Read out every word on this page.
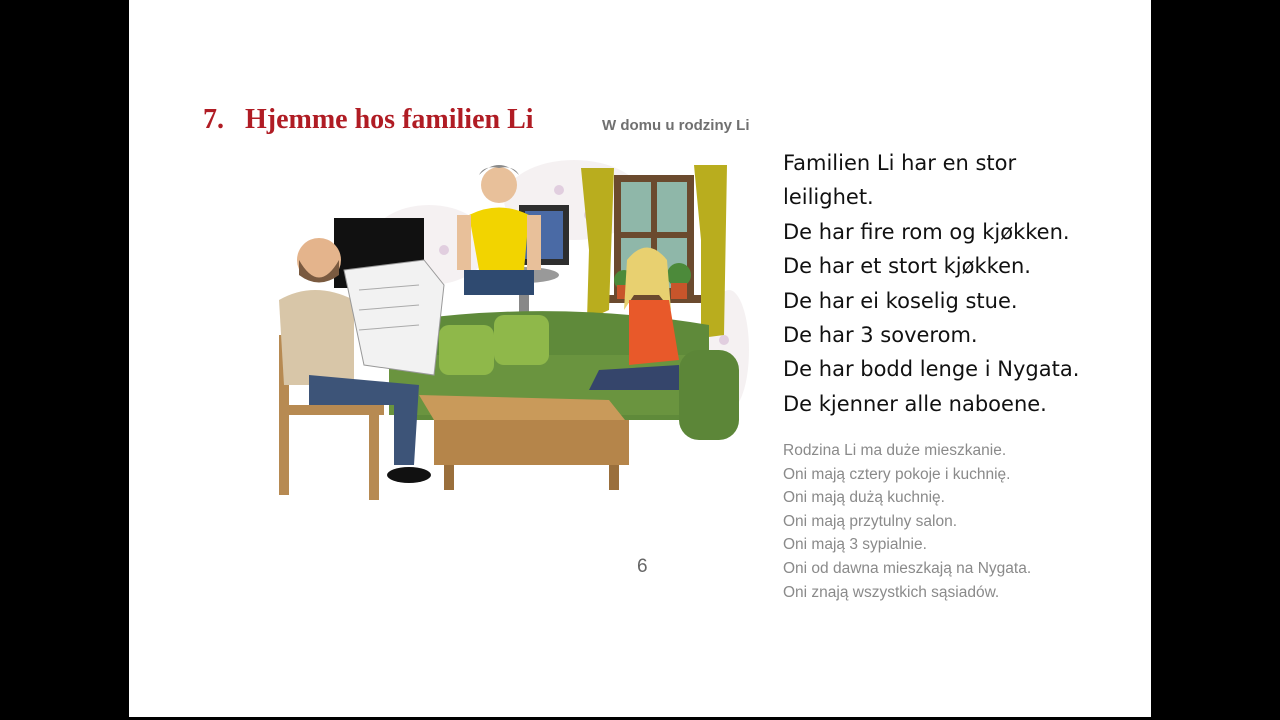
7. Hjemme hos familien Li	W domu u rodziny Li
Familien Li har en stor
leilighet.
De har fire rom og kjøkken.
De har et stort kjøkken.
De har ei koselig stue.
De har 3 soverom.
De har bodd lenge i Nygata.
De kjenner alle naboene.
Rodzina Li ma duże mieszkanie.
Oni mają cztery pokoje i kuchnię.
Oni mają dużą kuchnię.
Oni mają przytulny salon.
Oni mają 3 sypialnie.
Oni od dawna mieszkają na Nygata.
Oni znają wszystkich sąsiadów.
6
